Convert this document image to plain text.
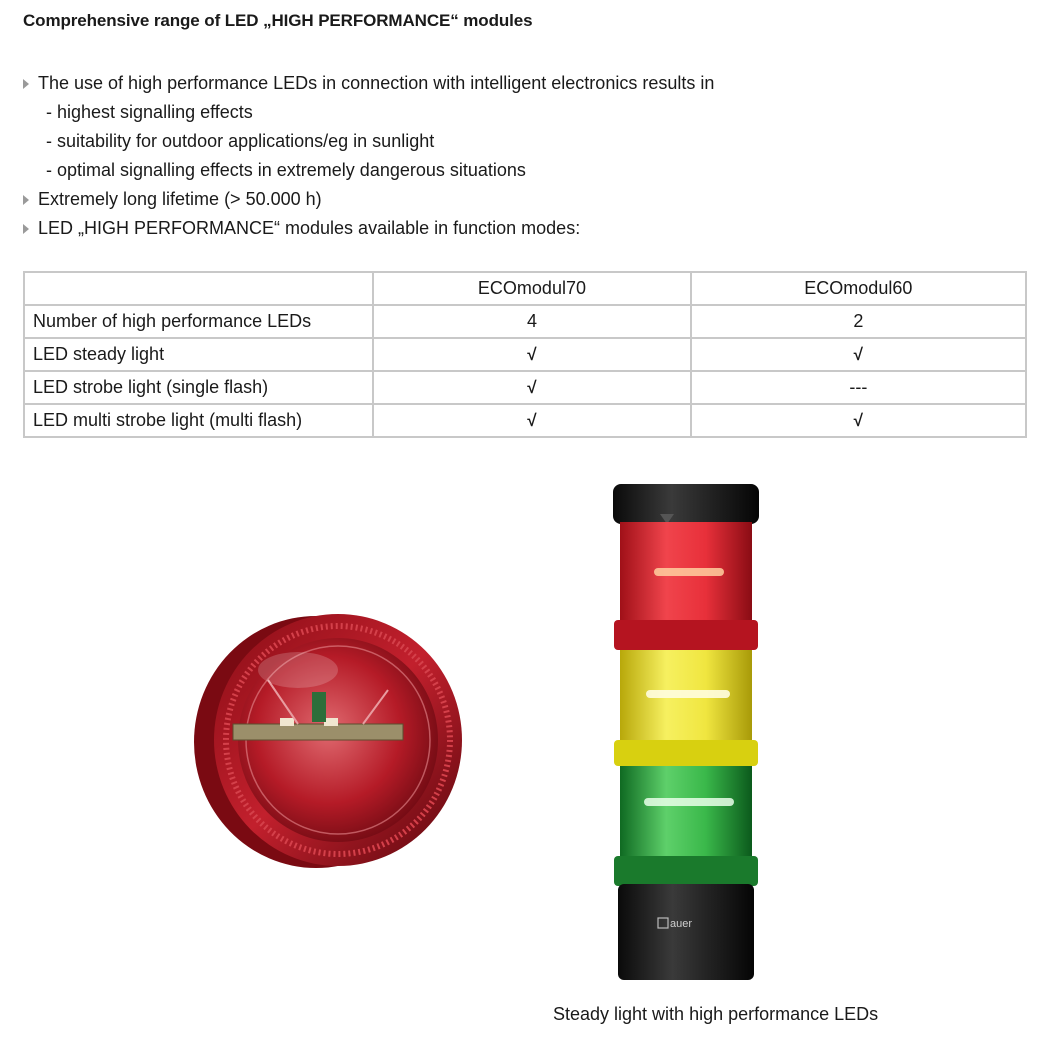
Comprehensive range of LED „HIGH PERFORMANCE“ modules
The use of high performance LEDs in connection with intelligent electronics results in
- highest signalling effects
- suitability for outdoor applications/eg in sunlight
- optimal signalling effects in extremely dangerous situations
Extremely long lifetime (> 50.000 h)
LED „HIGH PERFORMANCE“ modules available in function modes:
	ECOmodul70	ECOmodul60
Number of high performance LEDs	4	2
LED steady light	√	√
LED strobe light (single flash)	√	---
LED multi strobe light (multi flash)	√	√
auer
Steady light with high performance LEDs
